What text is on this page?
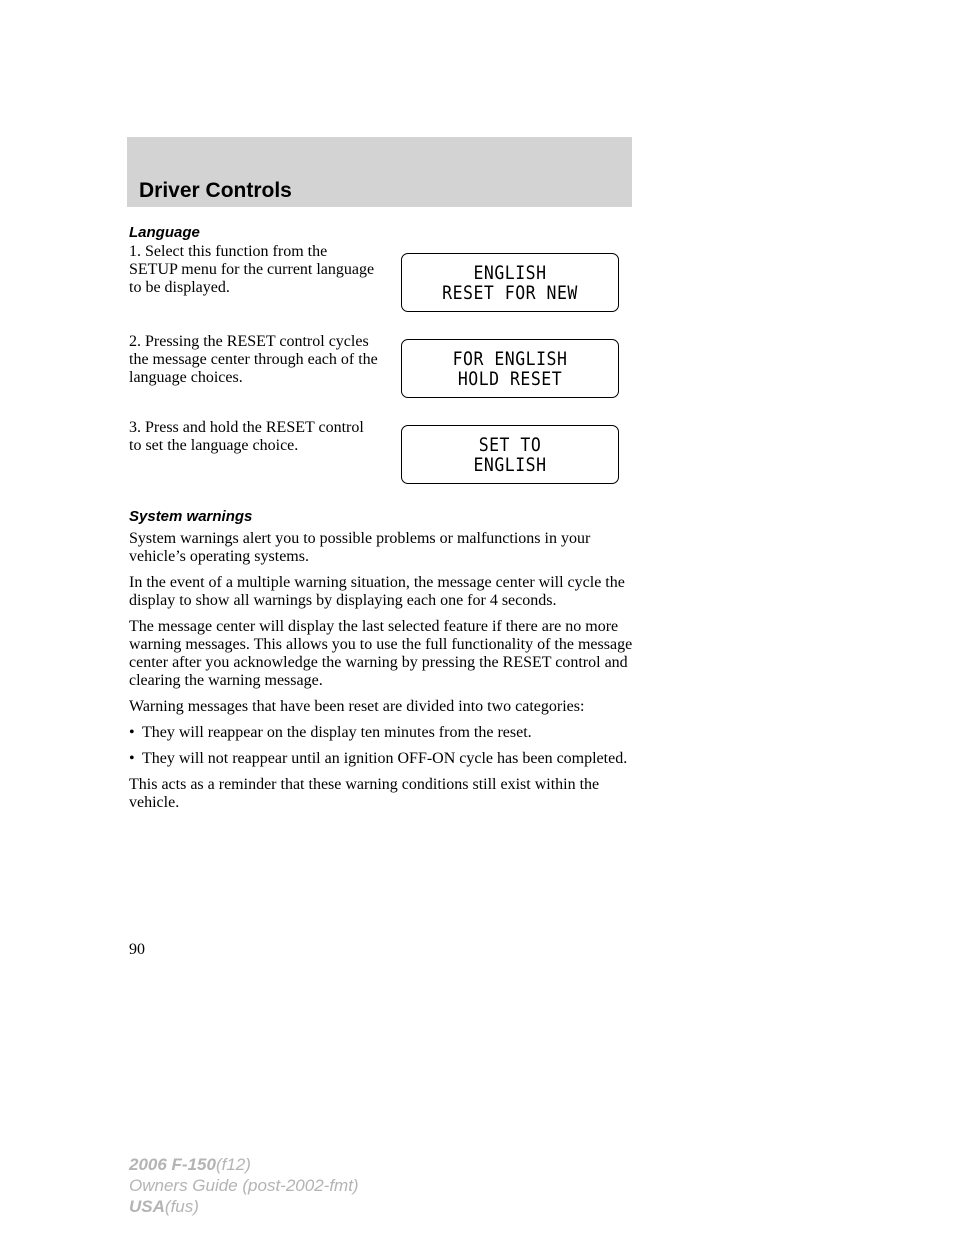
Driver Controls
Language
1. Select this function from the SETUP menu for the current language to be displayed.
ENGLISH
RESET FOR NEW
2. Pressing the RESET control cycles the message center through each of the language choices.
FOR ENGLISH
HOLD RESET
3. Press and hold the RESET control to set the language choice.	SET TO
ENGLISH
System warnings

System warnings alert you to possible problems or malfunctions in your vehicle’s operating systems.

In the event of a multiple warning situation, the message center will cycle the display to show all warnings by displaying each one for 4 seconds.

The message center will display the last selected feature if there are no more warning messages. This allows you to use the full functionality of the message center after you acknowledge the warning by pressing the RESET control and clearing the warning message.

Warning messages that have been reset are divided into two categories:

• They will reappear on the display ten minutes from the reset.
• They will not reappear until an ignition OFF-ON cycle has been completed.

This acts as a reminder that these warning conditions still exist within the vehicle.

90
2006 F-150(f12)
Owners Guide (post-2002-fmt)
USA(fus)
